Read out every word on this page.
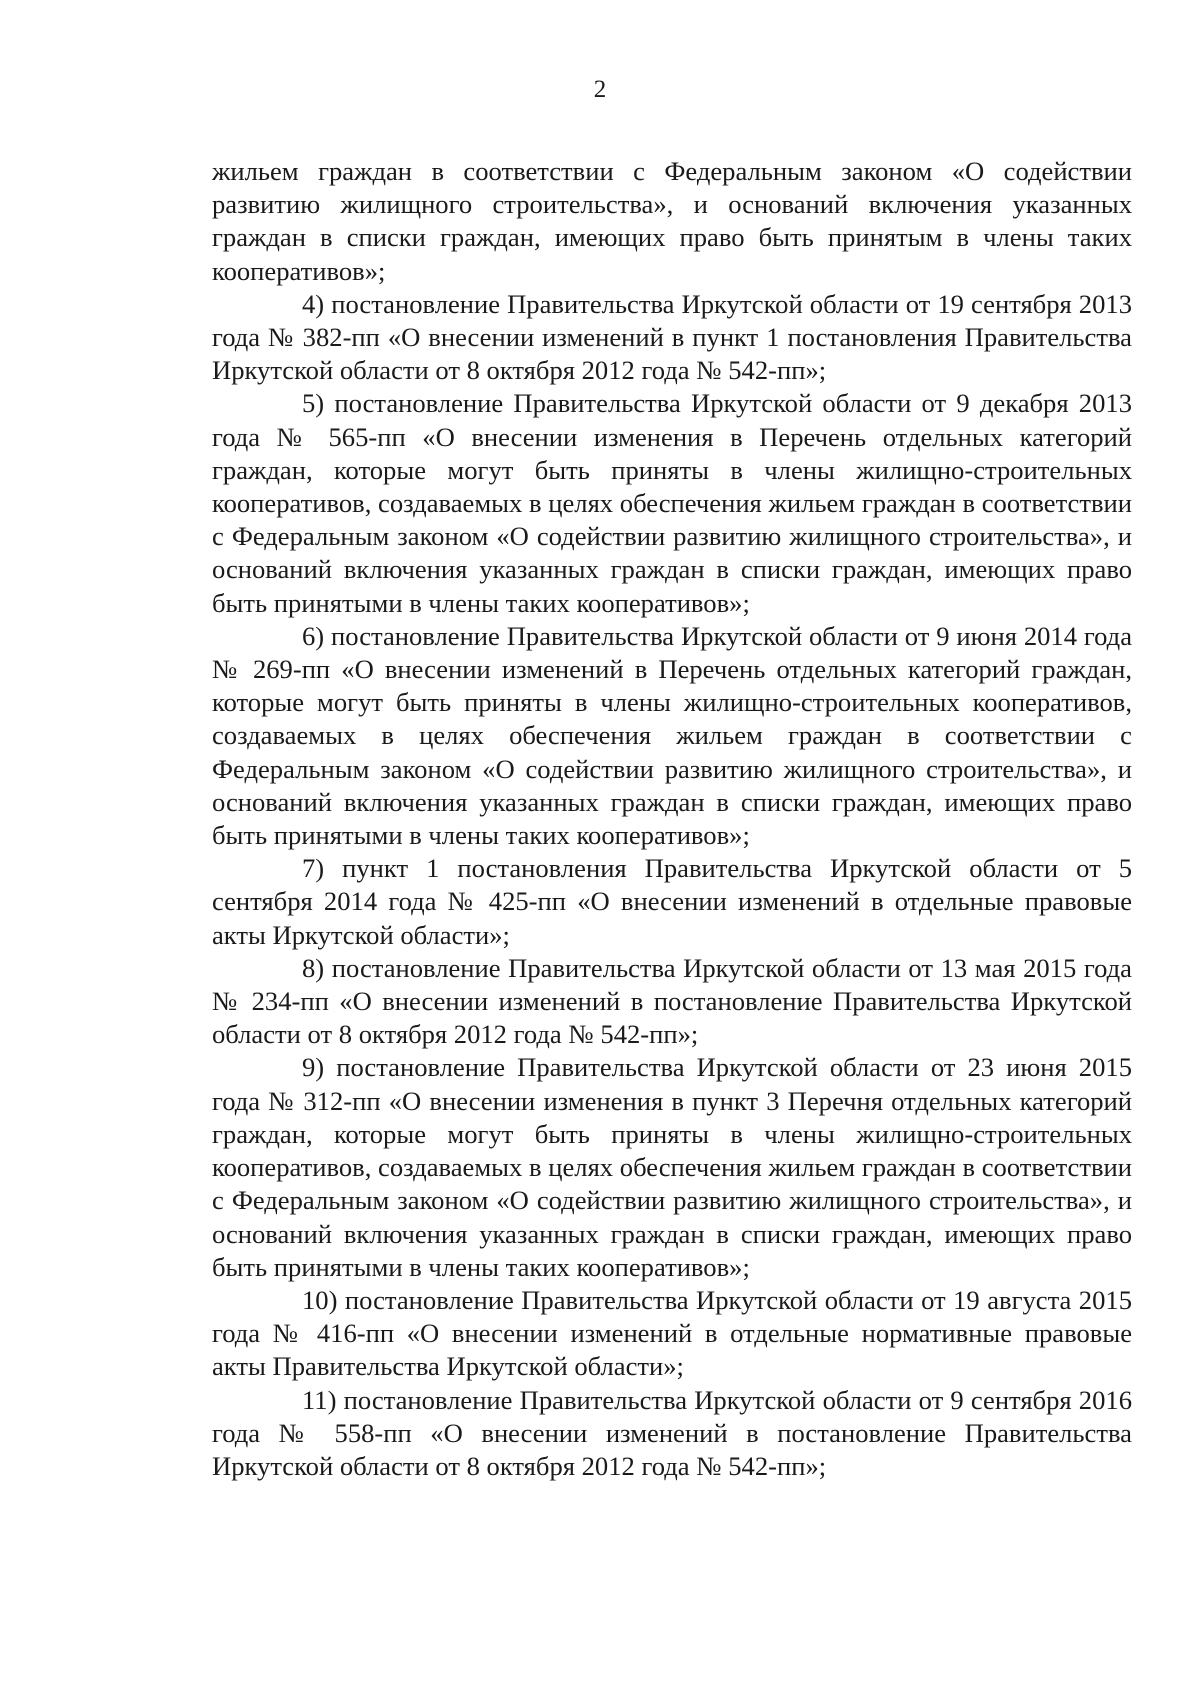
2

жильем граждан в соответствии с Федеральным законом «О содействии развитию жилищного строительства», и оснований включения указанных граждан в списки граждан, имеющих право быть принятым в члены таких кооперативов»;

4) постановление Правительства Иркутской области от 19 сентября 2013 года № 382-пп «О внесении изменений в пункт 1 постановления Правительства Иркутской области от 8 октября 2012 года № 542-пп»;

5) постановление Правительства Иркутской области от 9 декабря 2013 года № 565-пп «О внесении изменения в Перечень отдельных категорий граждан, которые могут быть приняты в члены жилищно-строительных кооперативов, создаваемых в целях обеспечения жильем граждан в соответствии с Федеральным законом «О содействии развитию жилищного строительства», и оснований включения указанных граждан в списки граждан, имеющих право быть принятыми в члены таких кооперативов»;

6) постановление Правительства Иркутской области от 9 июня 2014 года № 269-пп «О внесении изменений в Перечень отдельных категорий граждан, которые могут быть приняты в члены жилищно-строительных кооперативов, создаваемых в целях обеспечения жильем граждан в соответствии с Федеральным законом «О содействии развитию жилищного строительства», и оснований включения указанных граждан в списки граждан, имеющих право быть принятыми в члены таких кооперативов»;

7) пункт 1 постановления Правительства Иркутской области от 5 сентября 2014 года № 425-пп «О внесении изменений в отдельные правовые акты Иркутской области»;

8) постановление Правительства Иркутской области от 13 мая 2015 года № 234-пп «О внесении изменений в постановление Правительства Иркутской области от 8 октября 2012 года № 542-пп»;

9) постановление Правительства Иркутской области от 23 июня 2015 года № 312-пп «О внесении изменения в пункт 3 Перечня отдельных категорий граждан, которые могут быть приняты в члены жилищно-строительных кооперативов, создаваемых в целях обеспечения жильем граждан в соответствии с Федеральным законом «О содействии развитию жилищного строительства», и оснований включения указанных граждан в списки граждан, имеющих право быть принятыми в члены таких кооперативов»;

10) постановление Правительства Иркутской области от 19 августа 2015 года № 416-пп «О внесении изменений в отдельные нормативные правовые акты Правительства Иркутской области»;

11) постановление Правительства Иркутской области от 9 сентября 2016 года № 558-пп «О внесении изменений в постановление Правительства Иркутской области от 8 октября 2012 года № 542-пп»;
